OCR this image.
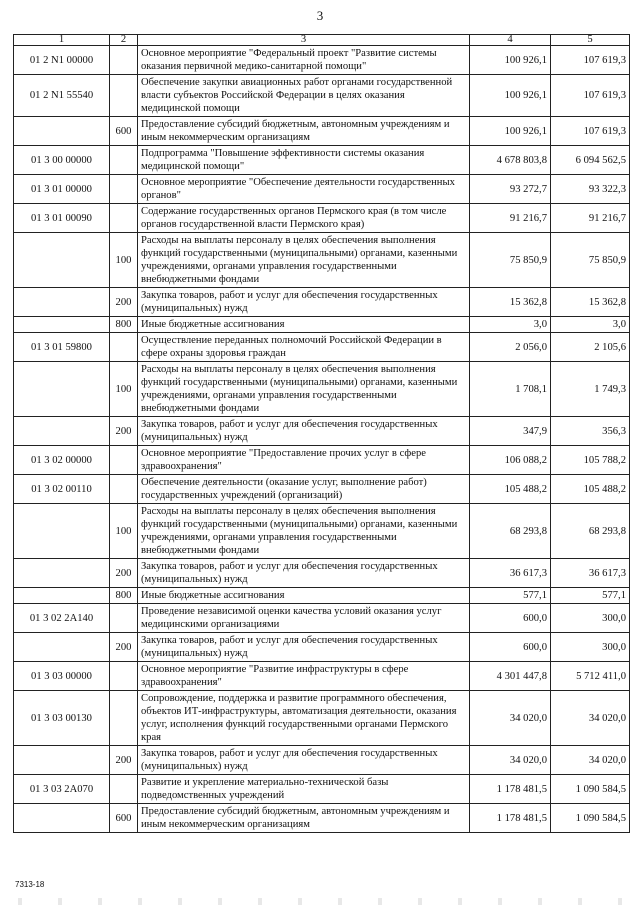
3
1	2	3	4	5
01 2 N1 00000		Основное мероприятие "Федеральный проект "Развитие системы оказания первичной медико-санитарной помощи"	100 926,1	107 619,3
01 2 N1 55540		Обеспечение закупки авиационных работ органами государственной власти субъектов Российской Федерации в целях оказания медицинской помощи	100 926,1	107 619,3
	600	Предоставление субсидий бюджетным, автономным учреждениям и иным некоммерческим организациям	100 926,1	107 619,3
01 3 00 00000		Подпрограмма "Повышение эффективности системы оказания медицинской помощи"	4 678 803,8	6 094 562,5
01 3 01 00000		Основное мероприятие "Обеспечение деятельности государственных органов"	93 272,7	93 322,3
01 3 01 00090		Содержание государственных органов Пермского края (в том числе органов государственной власти Пермского края)	91 216,7	91 216,7
	100	Расходы на выплаты персоналу в целях обеспечения выполнения функций государственными (муниципальными) органами, казенными учреждениями, органами управления государственными внебюджетными фондами	75 850,9	75 850,9
	200	Закупка товаров, работ и услуг для обеспечения государственных (муниципальных) нужд	15 362,8	15 362,8
	800	Иные бюджетные ассигнования	3,0	3,0
01 3 01 59800		Осуществление переданных полномочий Российской Федерации в сфере охраны здоровья граждан	2 056,0	2 105,6
	100	Расходы на выплаты персоналу в целях обеспечения выполнения функций государственными (муниципальными) органами, казенными учреждениями, органами управления государственными внебюджетными фондами	1 708,1	1 749,3
	200	Закупка товаров, работ и услуг для обеспечения государственных (муниципальных) нужд	347,9	356,3
01 3 02 00000		Основное мероприятие "Предоставление прочих услуг в сфере здравоохранения"	106 088,2	105 788,2
01 3 02 00110		Обеспечение деятельности (оказание услуг, выполнение работ) государственных учреждений (организаций)	105 488,2	105 488,2
	100	Расходы на выплаты персоналу в целях обеспечения выполнения функций государственными (муниципальными) органами, казенными учреждениями, органами управления государственными внебюджетными фондами	68 293,8	68 293,8
	200	Закупка товаров, работ и услуг для обеспечения государственных (муниципальных) нужд	36 617,3	36 617,3
	800	Иные бюджетные ассигнования	577,1	577,1
01 3 02 2А140		Проведение независимой оценки качества условий оказания услуг медицинскими организациями	600,0	300,0
	200	Закупка товаров, работ и услуг для обеспечения государственных (муниципальных) нужд	600,0	300,0
01 3 03 00000		Основное мероприятие "Развитие инфраструктуры в сфере здравоохранения"	4 301 447,8	5 712 411,0
01 3 03 00130		Сопровождение, поддержка и развитие программного обеспечения, объектов ИТ-инфраструктуры, автоматизация деятельности, оказания услуг, исполнения функций государственными органами Пермского края	34 020,0	34 020,0
	200	Закупка товаров, работ и услуг для обеспечения государственных (муниципальных) нужд	34 020,0	34 020,0
01 3 03 2А070		Развитие и укрепление материально-технической базы подведомственных учреждений	1 178 481,5	1 090 584,5
	600	Предоставление субсидий бюджетным, автономным учреждениям и иным некоммерческим организациям	1 178 481,5	1 090 584,5
7313-18
